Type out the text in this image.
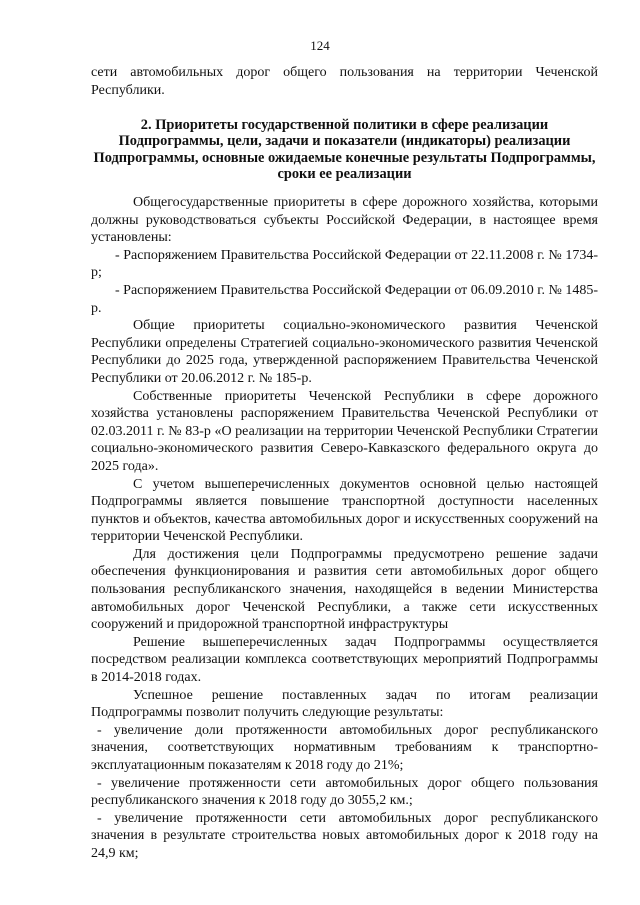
124

сети автомобильных дорог общего пользования на территории Чеченской Республики.

2. Приоритеты государственной политики в сфере реализации Подпрограммы, цели, задачи и показатели (индикаторы) реализации Подпрограммы, основные ожидаемые конечные результаты Подпрограммы, сроки ее реализации

Общегосударственные приоритеты в сфере дорожного хозяйства, которыми должны руководствоваться субъекты Российской Федерации, в настоящее время установлены:

- Распоряжением Правительства Российской Федерации от 22.11.2008 г. № 1734-р;

- Распоряжением Правительства Российской Федерации от 06.09.2010 г. № 1485-р.

Общие приоритеты социально-экономического развития Чеченской Республики определены Стратегией социально-экономического развития Чеченской Республики до 2025 года, утвержденной распоряжением Правительства Чеченской Республики от 20.06.2012 г. № 185-р.

Собственные приоритеты Чеченской Республики в сфере дорожного хозяйства установлены распоряжением Правительства Чеченской Республики от 02.03.2011 г. № 83-р «О реализации на территории Чеченской Республики Стратегии социально-экономического развития Северо-Кавказского федерального округа до 2025 года».

С учетом вышеперечисленных документов основной целью настоящей Подпрограммы является повышение транспортной доступности населенных пунктов и объектов, качества автомобильных дорог и искусственных сооружений на территории Чеченской Республики.

Для достижения цели Подпрограммы предусмотрено решение задачи обеспечения функционирования и развития сети автомобильных дорог общего пользования республиканского значения, находящейся в ведении Министерства автомобильных дорог Чеченской Республики, а также сети искусственных сооружений и придорожной транспортной инфраструктуры

Решение вышеперечисленных задач Подпрограммы осуществляется посредством реализации комплекса соответствующих мероприятий Подпрограммы в 2014-2018 годах.

Успешное решение поставленных задач по итогам реализации Подпрограммы позволит получить следующие результаты:

- увеличение доли протяженности автомобильных дорог республиканского значения, соответствующих нормативным требованиям к транспортно-эксплуатационным показателям к 2018 году до 21%;

- увеличение протяженности сети автомобильных дорог общего пользования республиканского значения к 2018 году до 3055,2 км.;

- увеличение протяженности сети автомобильных дорог республиканского значения в результате строительства новых автомобильных дорог к 2018 году на 24,9 км;
